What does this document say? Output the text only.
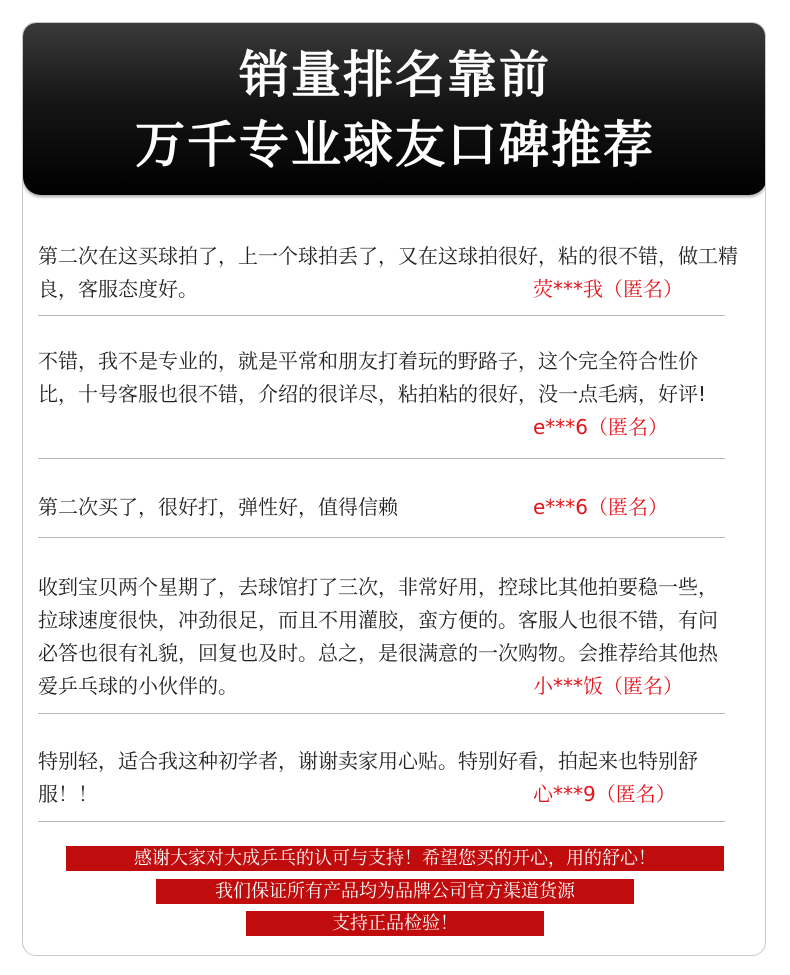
销量排名靠前
万千专业球友口碑推荐
第二次在这买球拍了，上一个球拍丢了，又在这球拍很好，粘的很不错，做工精良，客服态度好。	荧***我（匿名）
不错，我不是专业的，就是平常和朋友打着玩的野路子，这个完全符合性价比，十号客服也很不错，介绍的很详尽，粘拍粘的很好，没一点毛病，好评!
e***6（匿名）
第二次买了，很好打，弹性好，值得信赖	e***6（匿名）
收到宝贝两个星期了，去球馆打了三次，非常好用，控球比其他拍要稳一些，拉球速度很快，冲劲很足，而且不用灌胶，蛮方便的。客服人也很不错，有问必答也很有礼貌，回复也及时。总之，是很满意的一次购物。会推荐给其他热爱乒乓球的小伙伴的。	小***饭（匿名）
特别轻，适合我这种初学者，谢谢卖家用心贴。特别好看，拍起来也特别舒服！！	心***9（匿名）
感谢大家对大成乒乓的认可与支持！希望您买的开心，用的舒心！
我们保证所有产品均为品牌公司官方渠道货源
支持正品检验！
